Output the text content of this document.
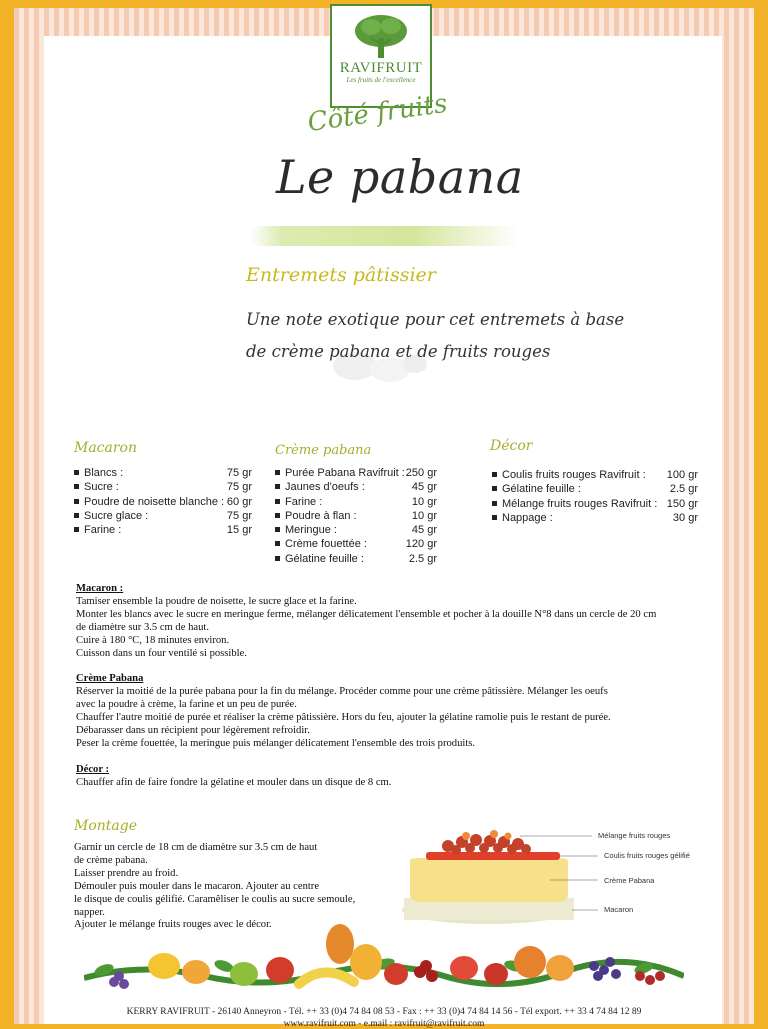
RAVIFRUIT
Les fruits de l'excellence
Côté fruits
Le pabana
Entremets pâtissier
Une note exotique pour cet entremets à base
de crème pabana et de fruits rouges
Macaron
Blancs :	75 gr
Sucre :	75 gr
Poudre de noisette blanche : 60 gr
Sucre glace :	75 gr
Farine :	15 gr
Crème pabana
Purée Pabana Ravifruit : 250 gr
Jaunes d'oeufs :	45 gr
Farine :	10 gr
Poudre à flan :	10 gr
Meringue :	45 gr
Crème fouettée :	120 gr
Gélatine feuille :	2.5 gr
Décor
Coulis fruits rouges Ravifruit : 100 gr
Gélatine feuille :	2.5 gr
Mélange fruits rouges Ravifruit : 150 gr
Nappage :	30 gr
Macaron :
Tamiser ensemble la poudre de noisette, le sucre glace et la farine.
Monter les blancs avec le sucre en meringue ferme, mélanger délicatement l'ensemble et pocher à la douille N°8 dans un cercle de 20 cm
de diamètre sur 3.5 cm de haut.
Cuire à 180 °C, 18 minutes environ.
Cuisson dans un four ventilé si possible.
Crème Pabana
Réserver la moitié de la purée pabana pour la fin du mélange. Procéder comme pour une crème pâtissière. Mélanger les oeufs
avec la poudre à crème, la farine et un peu de purée.
Chauffer l'autre moitié de purée et réaliser la crème pâtissière. Hors du feu, ajouter la gélatine ramolie puis le restant de purée.
Débarasser dans un récipient pour légèrement refroidir.
Peser la crème fouettée, la meringue puis mélanger délicatement l'ensemble des trois produits.
Décor :
Chauffer afin de faire fondre la gélatine et mouler dans un disque de 8 cm.
Montage
Garnir un cercle de 18 cm de diamètre sur 3.5 cm de haut
de crème pabana.
Laisser prendre au froid.
Démouler puis mouler dans le macaron. Ajouter au centre
le disque de coulis gélifié. Caramêliser le coulis au sucre semoule,
napper.
Ajouter le mélange fruits rouges avec le décor.
Mélange fruits rouges
Coulis fruits rouges gélifié
Crème Pabana
Macaron
KERRY RAVIFRUIT - 26140 Anneyron - Tél. ++ 33 (0)4 74 84 08 53 - Fax : ++ 33 (0)4 74 84 14 56 - Tél export. ++ 33 4 74 84 12 89
www.ravifruit.com - e.mail : ravifruit@ravifruit.com
